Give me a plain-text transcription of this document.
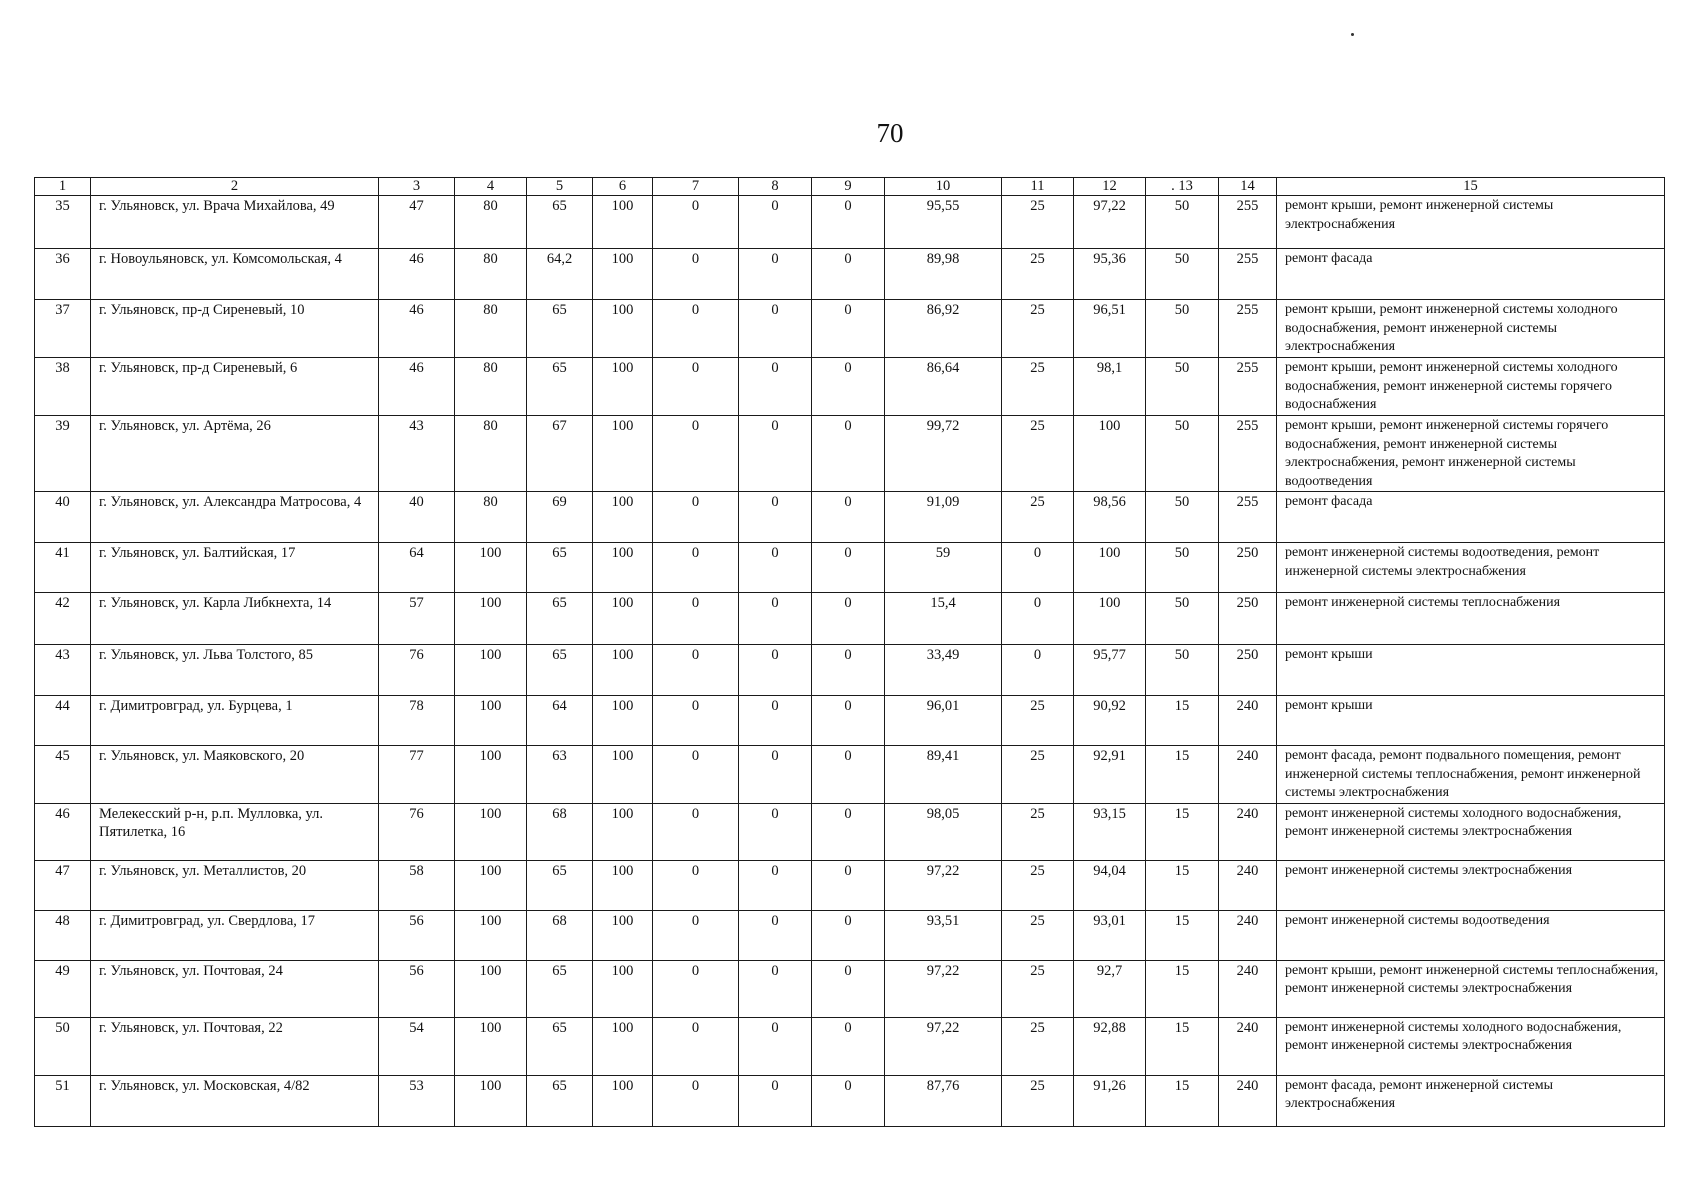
70
1	2	3	4	5	6	7	8	9	10	11	12	. 13	14	15
35	г. Ульяновск, ул. Врача Михайлова, 49	47	80	65	100	0	0	0	95,55	25	97,22	50	255	ремонт крыши, ремонт инженерной системы электроснабжения
36	г. Новоульяновск, ул. Комсомольская, 4	46	80	64,2	100	0	0	0	89,98	25	95,36	50	255	ремонт фасада
37	г. Ульяновск, пр-д Сиреневый, 10	46	80	65	100	0	0	0	86,92	25	96,51	50	255	ремонт крыши, ремонт инженерной системы холодного водоснабжения, ремонт инженерной системы электроснабжения
38	г. Ульяновск, пр-д Сиреневый, 6	46	80	65	100	0	0	0	86,64	25	98,1	50	255	ремонт крыши, ремонт инженерной системы холодного водоснабжения, ремонт инженерной системы горячего водоснабжения
39	г. Ульяновск, ул. Артёма, 26	43	80	67	100	0	0	0	99,72	25	100	50	255	ремонт крыши, ремонт инженерной системы горячего водоснабжения, ремонт инженерной системы электроснабжения, ремонт инженерной системы водоотведения
40	г. Ульяновск, ул. Александра Матросова, 4	40	80	69	100	0	0	0	91,09	25	98,56	50	255	ремонт фасада
41	г. Ульяновск, ул. Балтийская, 17	64	100	65	100	0	0	0	59	0	100	50	250	ремонт инженерной системы водоотведения, ремонт инженерной системы электроснабжения
42	г. Ульяновск, ул. Карла Либкнехта, 14	57	100	65	100	0	0	0	15,4	0	100	50	250	ремонт инженерной системы теплоснабжения
43	г. Ульяновск, ул. Льва Толстого, 85	76	100	65	100	0	0	0	33,49	0	95,77	50	250	ремонт крыши
44	г. Димитровград, ул. Бурцева, 1	78	100	64	100	0	0	0	96,01	25	90,92	15	240	ремонт крыши
45	г. Ульяновск, ул. Маяковского, 20	77	100	63	100	0	0	0	89,41	25	92,91	15	240	ремонт фасада, ремонт подвального помещения, ремонт инженерной системы теплоснабжения, ремонт инженерной системы электроснабжения
46	Мелекесский р-н, р.п. Мулловка, ул. Пятилетка, 16	76	100	68	100	0	0	0	98,05	25	93,15	15	240	ремонт инженерной системы холодного водоснабжения, ремонт инженерной системы электроснабжения
47	г. Ульяновск, ул. Металлистов, 20	58	100	65	100	0	0	0	97,22	25	94,04	15	240	ремонт инженерной системы электроснабжения
48	г. Димитровград, ул. Свердлова, 17	56	100	68	100	0	0	0	93,51	25	93,01	15	240	ремонт инженерной системы водоотведения
49	г. Ульяновск, ул. Почтовая, 24	56	100	65	100	0	0	0	97,22	25	92,7	15	240	ремонт крыши, ремонт инженерной системы теплоснабжения, ремонт инженерной системы электроснабжения
50	г. Ульяновск, ул. Почтовая, 22	54	100	65	100	0	0	0	97,22	25	92,88	15	240	ремонт инженерной системы холодного водоснабжения, ремонт инженерной системы электроснабжения
51	г. Ульяновск, ул. Московская, 4/82	53	100	65	100	0	0	0	87,76	25	91,26	15	240	ремонт фасада, ремонт инженерной системы электроснабжения
